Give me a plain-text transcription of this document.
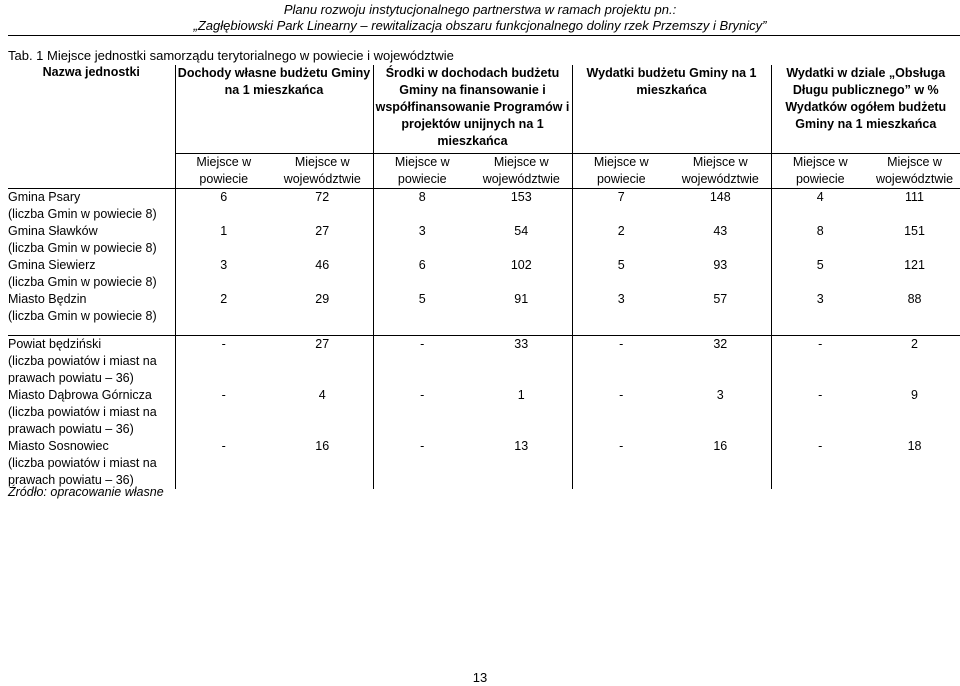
Planu rozwoju instytucjonalnego partnerstwa w ramach projektu pn.:
„Zagłębiowski Park Linearny – rewitalizacja obszaru funkcjonalnego doliny rzek Przemszy i Brynicy”
Tab. 1 Miejsce jednostki samorządu terytorialnego w powiecie i województwie
Nazwa jednostki	Dochody własne budżetu Gminy na 1 mieszkańca		Środki w dochodach budżetu Gminy na finansowanie i współfinansowanie Programów i projektów unijnych na 1 mieszkańca		Wydatki budżetu Gminy na 1 mieszkańca		Wydatki w dziale „Obsługa Długu publicznego” w % Wydatków ogółem budżetu Gminy na 1 mieszkańca	
	Miejsce w powiecie	Miejsce w województwie	Miejsce w powiecie	Miejsce w województwie	Miejsce w powiecie	Miejsce w województwie	Miejsce w powiecie	Miejsce w województwie

Gmina Psary
(liczba Gmin w powiecie 8)	6	72	8	153	7	148	4	111

Gmina Sławków
(liczba Gmin w powiecie 8)	1	27	3	54	2	43	8	151

Gmina Siewierz
(liczba Gmin w powiecie 8)	3	46	6	102	5	93	5	121

Miasto Będzin
(liczba Gmin w powiecie 8)	2	29	5	91	3	57	3	88

Powiat będziński
(liczba powiatów i miast na
prawach powiatu – 36)	-	27	-	33	-	32	-	2

Miasto Dąbrowa Górnicza
(liczba powiatów i miast na
prawach powiatu – 36)	-	4	-	1	-	3	-	9

Miasto Sosnowiec
(liczba powiatów i miast na
prawach powiatu – 36)	-	16	-	13	-	16	-	18
Źródło: opracowanie własne
13
